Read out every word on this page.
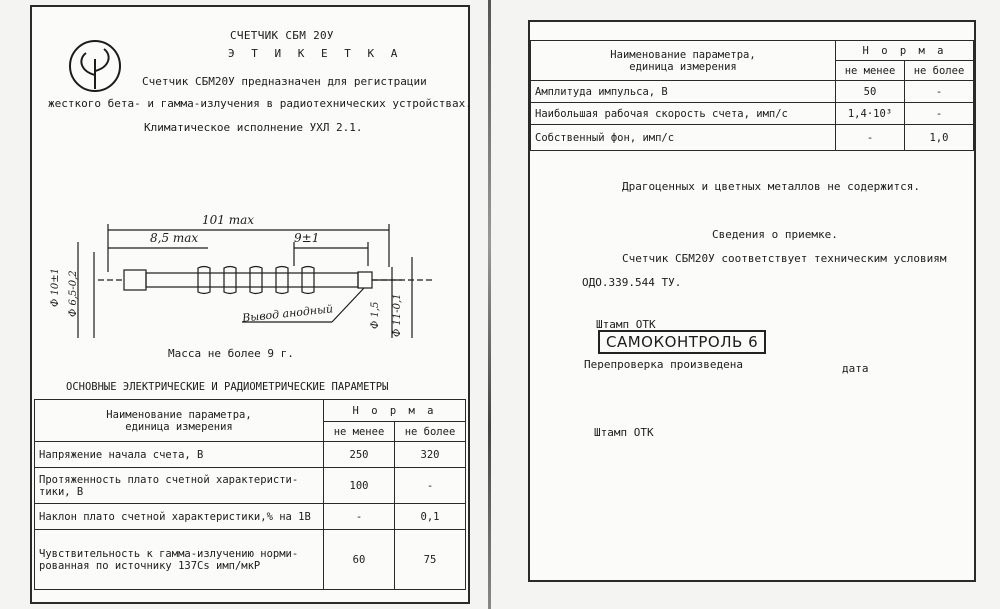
СЧЕТЧИК СБМ 20У
Э Т И К Е Т К А
Счетчик СБМ20У предназначен для регистрации
жесткого бета- и гамма-излучения в радиотехнических устройствах.
Климатическое исполнение УХЛ 2.1.
101 max
8,5 max	9±1
Ф 10±1 Ф 6,5-0,2	Ф 1,5 Ф 11-0,1
Вывод анодный
Масса не более 9 г.
ОСНОВНЫЕ ЭЛЕКТРИЧЕСКИЕ И РАДИОМЕТРИЧЕСКИЕ ПАРАМЕТРЫ
Наименование параметра,
единица измерения	Н о р м а	
	не менее	не более
Напряжение начала счета, В	250	320
Протяженность плато счетной характеристи-
тики, В	100	-
Наклон плато счетной характеристики,% на 1В	-	0,1
Чувствительность к гамма-излучению норми-
рованная по источнику 137Cs имп/мкР	60	75
Наименование параметра,
единица измерения	Н о р м а	
	не менее	не более
Амплитуда импульса, В	50	-
Наибольшая рабочая скорость счета, имп/с	1,4·10³	-
Собственный фон, имп/с	-	1,0
Драгоценных и цветных металлов не содержится.
Сведения о приемке.
Счетчик СБМ20У соответствует техническим условиям
ОДО.339.544 ТУ.
Штамп ОТК
САМОКОНТРОЛЬ 6
Перепроверка произведена	дата
Штамп ОТК
